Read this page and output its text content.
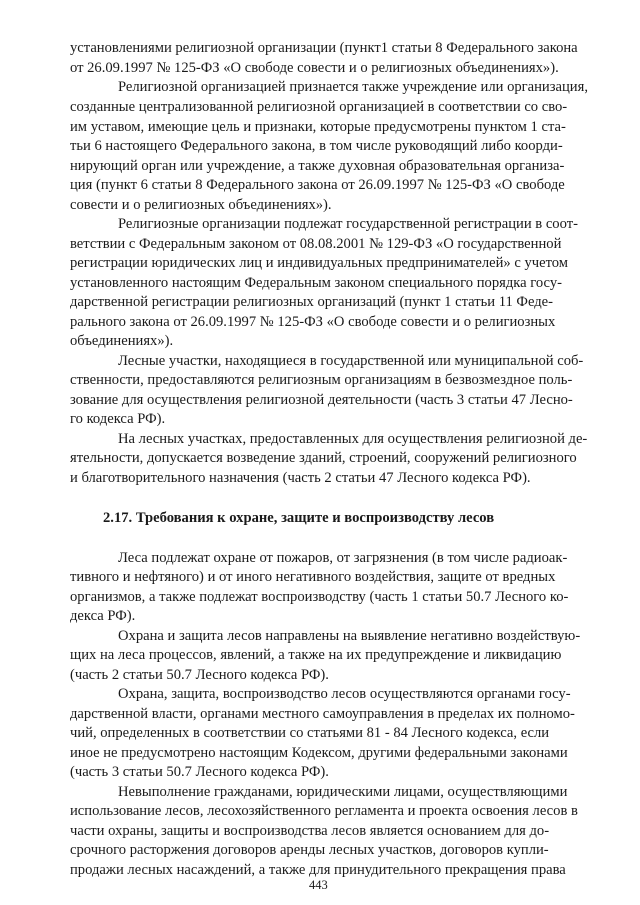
установлениями религиозной организации (пункт1 статьи 8 Федерального закона
от 26.09.1997 № 125-ФЗ «О свободе совести и о религиозных объединениях»).
Религиозной организацией признается также учреждение или организация,
созданные централизованной религиозной организацией в соответствии со сво-
им уставом, имеющие цель и признаки, которые предусмотрены пунктом 1 ста-
тьи 6 настоящего Федерального закона, в том числе руководящий либо коорди-
нирующий орган или учреждение, а также духовная образовательная организа-
ция (пункт 6 статьи 8 Федерального закона от 26.09.1997 № 125-ФЗ «О свободе
совести и о религиозных объединениях»).
Религиозные организации подлежат государственной регистрации в соот-
ветствии с Федеральным законом от 08.08.2001 № 129-ФЗ «О государственной
регистрации юридических лиц и индивидуальных предпринимателей» с учетом
установленного настоящим Федеральным законом специального порядка госу-
дарственной регистрации религиозных организаций (пункт 1 статьи 11 Феде-
рального закона от 26.09.1997 № 125-ФЗ «О свободе совести и о религиозных
объединениях»).
Лесные участки, находящиеся в государственной или муниципальной соб-
ственности, предоставляются религиозным организациям в безвозмездное поль-
зование для осуществления религиозной деятельности (часть 3 статьи 47 Лесно-
го кодекса РФ).
На лесных участках, предоставленных для осуществления религиозной де-
ятельности, допускается возведение зданий, строений, сооружений религиозного
и благотворительного назначения (часть 2 статьи 47 Лесного кодекса РФ).
2.17. Требования к охране, защите и воспроизводству лесов
Леса подлежат охране от пожаров, от загрязнения (в том числе радиоак-
тивного и нефтяного) и от иного негативного воздействия, защите от вредных
организмов, а также подлежат воспроизводству (часть 1 статьи 50.7 Лесного ко-
декса РФ).
Охрана и защита лесов направлены на выявление негативно воздействую-
щих на леса процессов, явлений, а также на их предупреждение и ликвидацию
(часть 2 статьи 50.7 Лесного кодекса РФ).
Охрана, защита, воспроизводство лесов осуществляются органами госу-
дарственной власти, органами местного самоуправления в пределах их полномо-
чий, определенных в соответствии со статьями 81 - 84 Лесного кодекса, если
иное не предусмотрено настоящим Кодексом, другими федеральными законами
(часть 3 статьи 50.7 Лесного кодекса РФ).
Невыполнение гражданами, юридическими лицами, осуществляющими
использование лесов, лесохозяйственного регламента и проекта освоения лесов в
части охраны, защиты и воспроизводства лесов является основанием для до-
срочного расторжения договоров аренды лесных участков, договоров купли-
продажи лесных насаждений, а также для принудительного прекращения права
443
